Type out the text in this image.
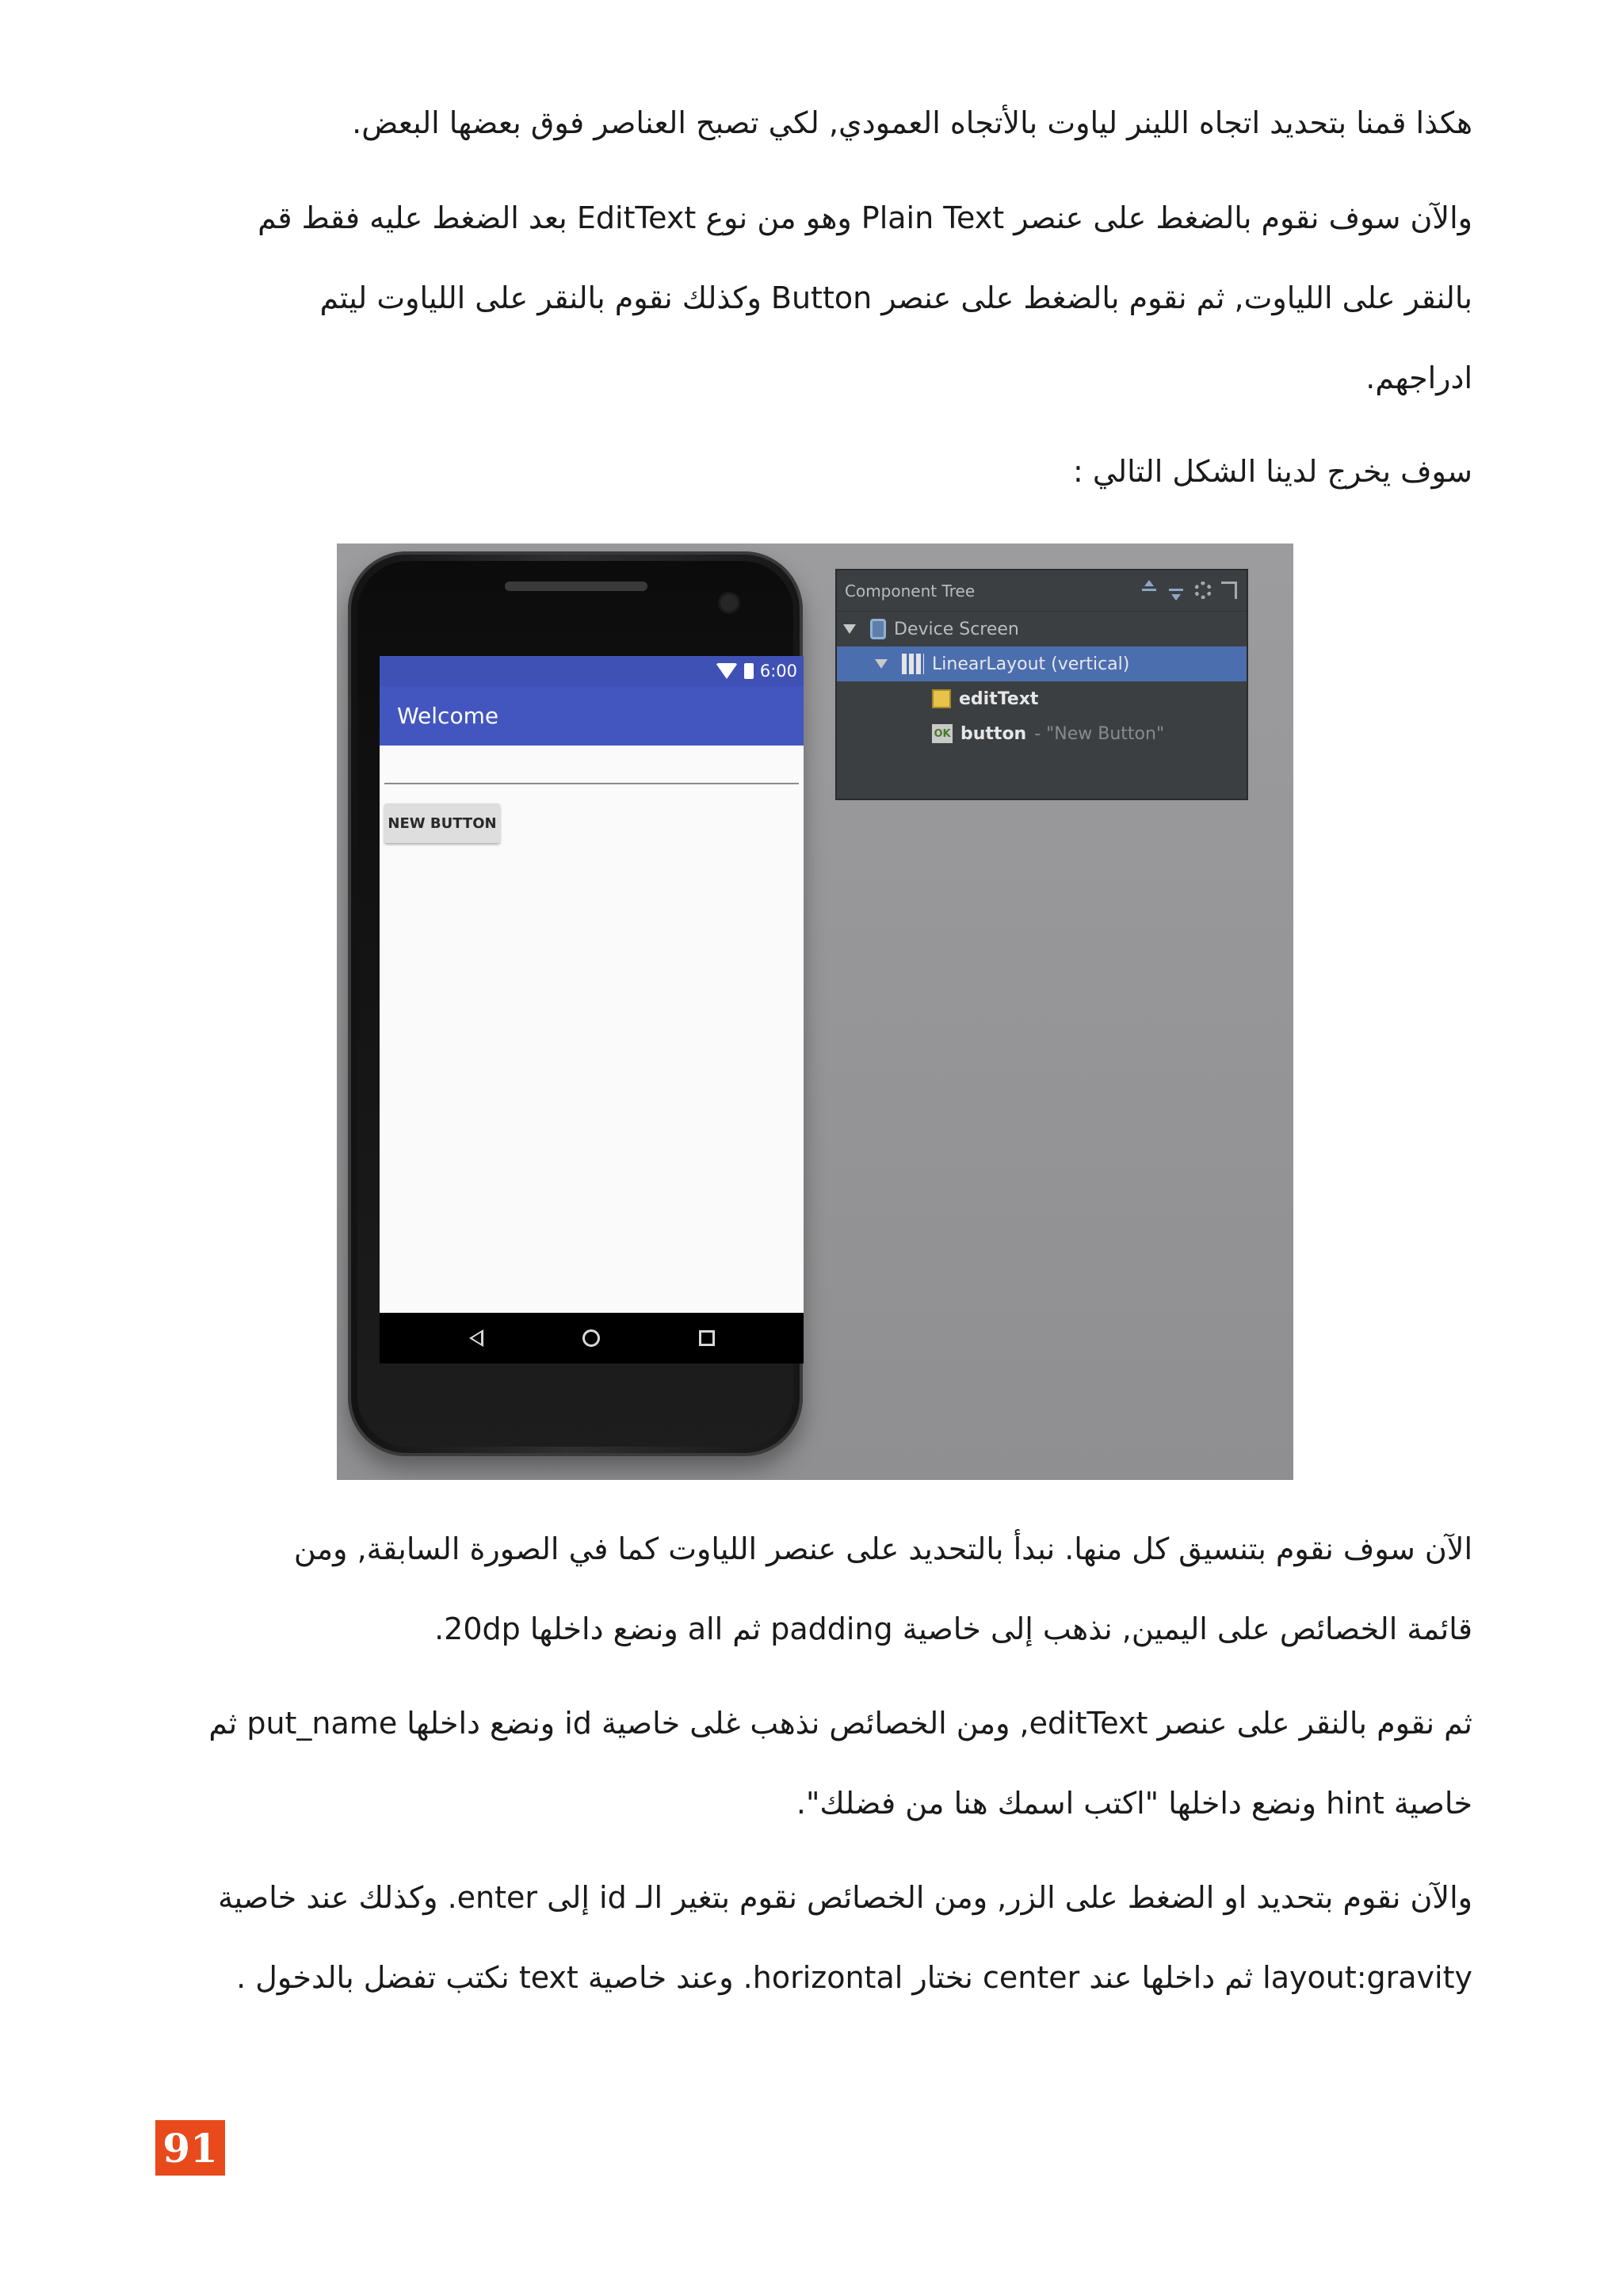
هكذا قمنا بتحديد اتجاه اللينر لياوت بالأتجاه العمودي, لكي تصبح العناصر فوق بعضها البعض.
والآن سوف نقوم بالضغط على عنصر Plain Text وهو من نوع EditText بعد الضغط عليه فقط قم
بالنقر على اللياوت, ثم نقوم بالضغط على عنصر Button وكذلك نقوم بالنقر على اللياوت ليتم
ادراجهم.
سوف يخرج لدينا الشكل التالي :
6:00
Welcome
NEW BUTTON
Component Tree
Device Screen
LinearLayout (vertical)
editText
OK button - "New Button"
الآن سوف نقوم بتنسيق كل منها. نبدأ بالتحديد على عنصر اللياوت كما في الصورة السابقة, ومن
قائمة الخصائص على اليمين, نذهب إلى خاصية padding ثم all ونضع داخلها 20dp.
ثم نقوم بالنقر على عنصر editText, ومن الخصائص نذهب غلى خاصية id ونضع داخلها put_name ثم
خاصية hint ونضع داخلها "اكتب اسمك هنا من فضلك".
والآن نقوم بتحديد او الضغط على الزر, ومن الخصائص نقوم بتغير الـ id إلى enter. وكذلك عند خاصية
layout:gravity ثم داخلها عند center نختار horizontal. وعند خاصية text نكتب تفضل بالدخول .
91
